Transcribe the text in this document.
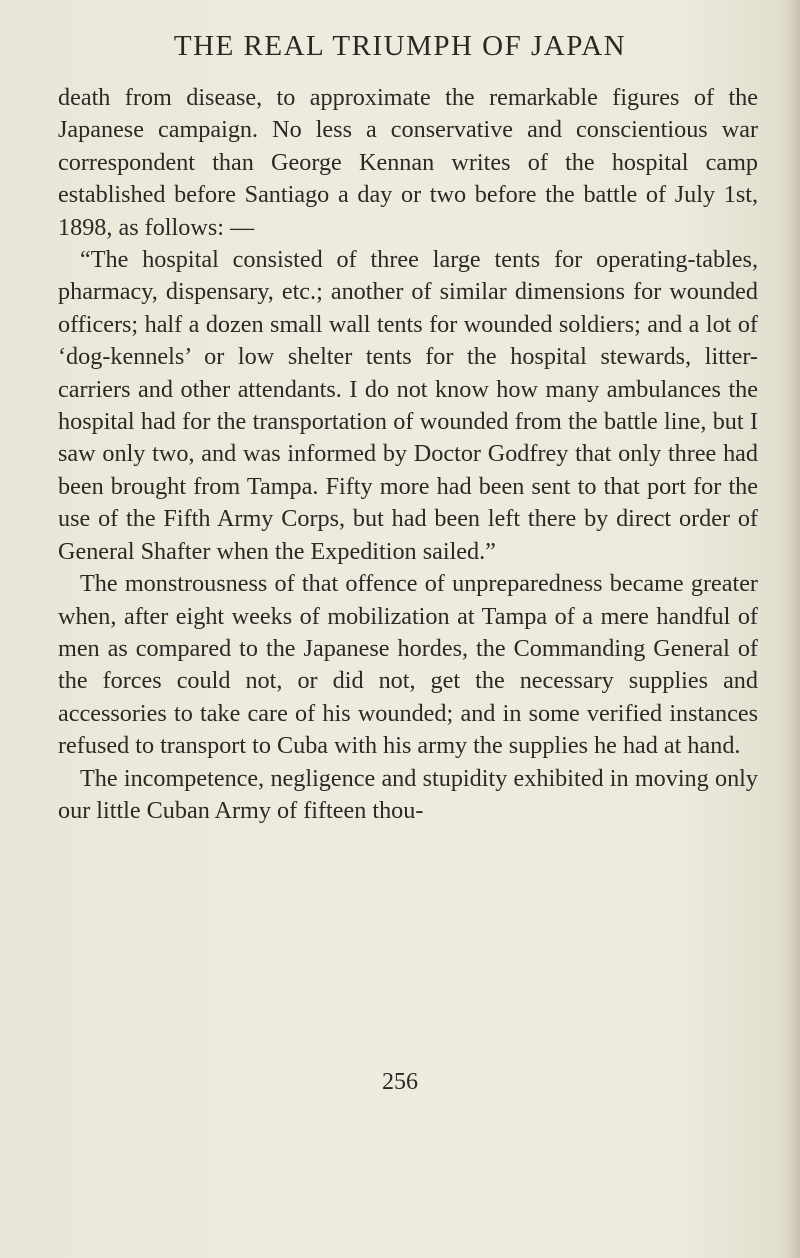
THE REAL TRIUMPH OF JAPAN

death from disease, to approximate the remarkable figures of the Japanese campaign. No less a conservative and conscientious war correspondent than George Kennan writes of the hospital camp established before Santiago a day or two before the battle of July 1st, 1898, as follows: —

“The hospital consisted of three large tents for operating-tables, pharmacy, dispensary, etc.; another of similar dimensions for wounded officers; half a dozen small wall tents for wounded soldiers; and a lot of ‘dog-kennels’ or low shelter tents for the hospital stewards, litter-carriers and other attendants. I do not know how many ambulances the hospital had for the transportation of wounded from the battle line, but I saw only two, and was informed by Doctor Godfrey that only three had been brought from Tampa. Fifty more had been sent to that port for the use of the Fifth Army Corps, but had been left there by direct order of General Shafter when the Expedition sailed.”

The monstrousness of that offence of unpreparedness became greater when, after eight weeks of mobilization at Tampa of a mere handful of men as compared to the Japanese hordes, the Commanding General of the forces could not, or did not, get the necessary supplies and accessories to take care of his wounded; and in some verified instances refused to transport to Cuba with his army the supplies he had at hand.

The incompetence, negligence and stupidity exhibited in moving only our little Cuban Army of fifteen thou-

256
